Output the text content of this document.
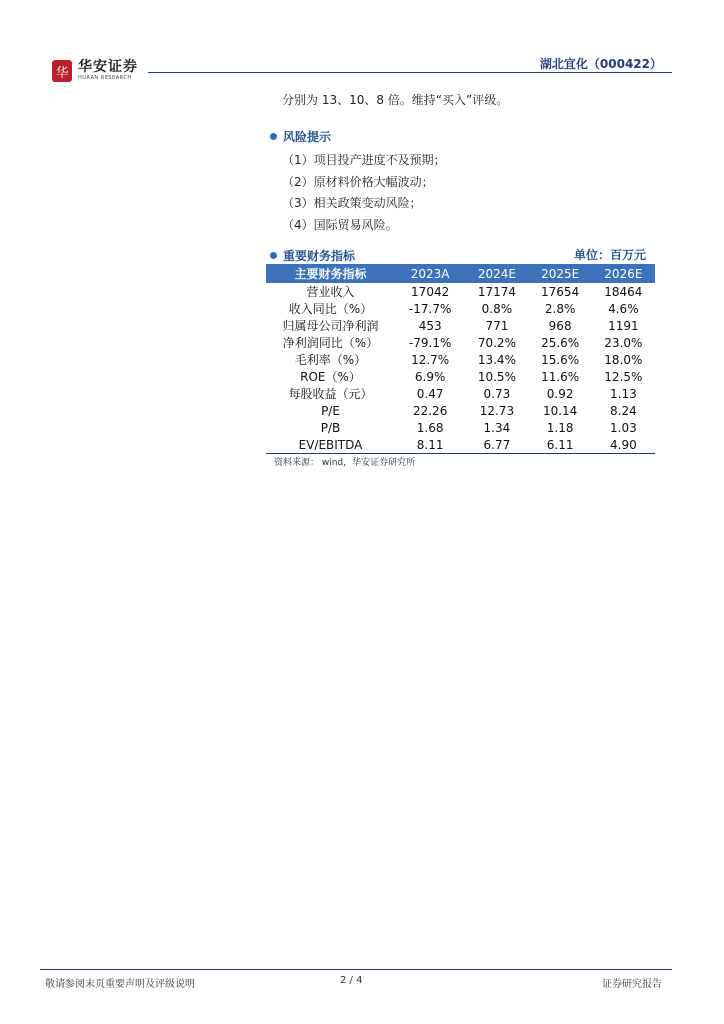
华 华安证券
HUAAN RESEARCH
湖北宜化（000422）
分别为 13、10、8 倍。维持“买入”评级。
风险提示
（1）项目投产进度不及预期；
（2）原材料价格大幅波动；
（3）相关政策变动风险；
（4）国际贸易风险。
重要财务指标	单位：百万元
主要财务指标	2023A	2024E	2025E	2026E
营业收入	17042	17174	17654	18464
收入同比（%）	-17.7%	0.8%	2.8%	4.6%
归属母公司净利润	453	771	968	1191
净利润同比（%）	-79.1%	70.2%	25.6%	23.0%
毛利率（%）	12.7%	13.4%	15.6%	18.0%
ROE（%）	6.9%	10.5%	11.6%	12.5%
每股收益（元）	0.47	0.73	0.92	1.13
P/E	22.26	12.73	10.14	8.24
P/B	1.68	1.34	1.18	1.03
EV/EBITDA	8.11	6.77	6.11	4.90
资料来源： wind，华安证券研究所
敬请参阅末页重要声明及评级说明	2 / 4	证券研究报告
